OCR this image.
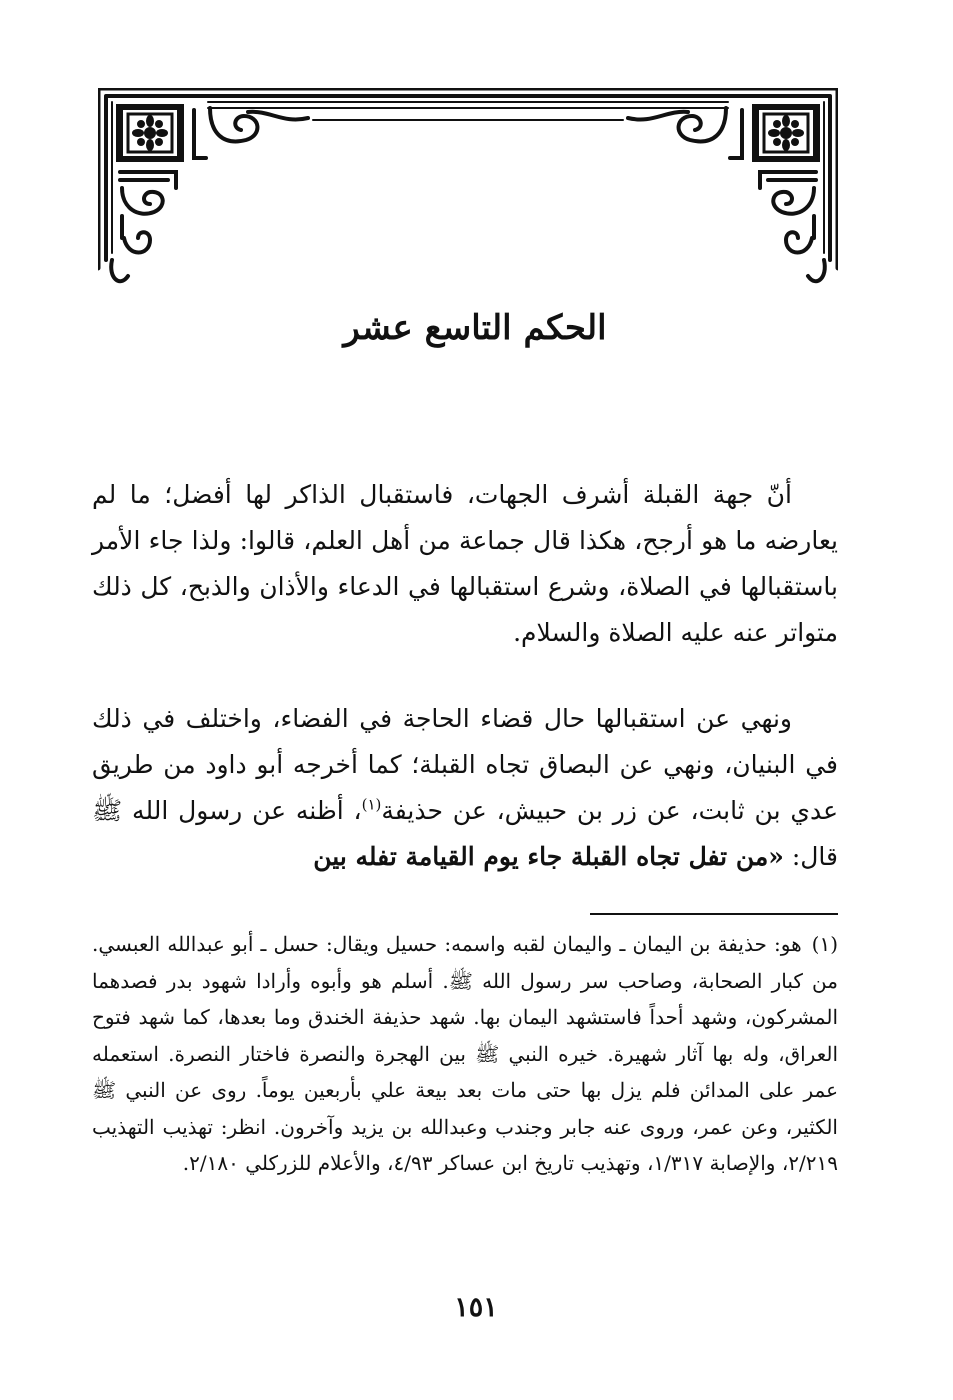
الحكم التاسع عشر

أنّ جهة القبلة أشرف الجهات، فاستقبال الذاكر لها أفضل؛ ما لم يعارضه ما هو أرجح، هكذا قال جماعة من أهل العلم، قالوا: ولذا جاء الأمر باستقبالها في الصلاة، وشرع استقبالها في الدعاء والأذان والذبح، كل ذلك متواتر عنه عليه الصلاة والسلام.

ونهي عن استقبالها حال قضاء الحاجة في الفضاء، واختلف في ذلك في البنيان، ونهي عن البصاق تجاه القبلة؛ كما أخرجه أبو داود من طريق عدي بن ثابت، عن زر بن حبيش، عن حذيفة$^{(١)}$، أظنه عن رسول الله ﷺ قال: «من تفل تجاه القبلة جاء يوم القيامة تفله بين

(١)هو: حذيفة بن اليمان ـ واليمان لقبه واسمه: حسيل ويقال: حسل ـ أبو عبدالله العبسي. من كبار الصحابة، وصاحب سر رسول الله ﷺ. أسلم هو وأبوه وأرادا شهود بدر فصدهما المشركون، وشهد أحداً فاستشهد اليمان بها. شهد حذيفة الخندق وما بعدها، كما شهد فتوح العراق، وله بها آثار شهيرة. خيره النبي ﷺ بين الهجرة والنصرة فاختار النصرة. استعمله عمر على المدائن فلم يزل بها حتى مات بعد بيعة علي بأربعين يوماً. روى عن النبي ﷺ الكثير، وعن عمر، وروى عنه جابر وجندب وعبدالله بن يزيد وآخرون. انظر: تهذيب التهذيب ٢/٢١٩، والإصابة ١/٣١٧، وتهذيب تاريخ ابن عساكر ٤/٩٣، والأعلام للزركلي ٢/١٨٠.
١٥١
